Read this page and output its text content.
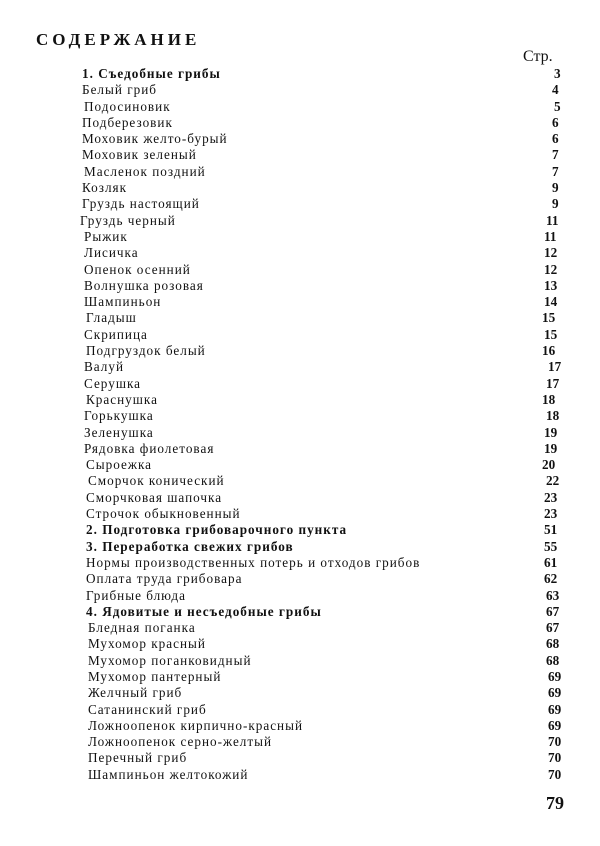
СОДЕРЖАНИЕ
Стр.
1. Съедобные грибы	3
Белый гриб	4
Подосиновик	5
Подберезовик	6
Моховик желто-бурый	6
Моховик зеленый	7
Масленок поздний	7
Козляк	9
Груздь настоящий	9
Груздь черный	11
Рыжик	11
Лисичка	12
Опенок осенний	12
Волнушка розовая	13
Шампиньон	14
Гладыш	15
Скрипица	15
Подгруздок белый	16
Валуй	17
Серушка	17
Краснушка	18
Горькушка	18
Зеленушка	19
Рядовка фиолетовая	19
Сыроежка	20
Сморчок конический	22
Сморчковая шапочка	23
Строчок обыкновенный	23
2. Подготовка грибоварочного пункта	51
3. Переработка свежих грибов	55
Нормы производственных потерь и отходов грибов	61
Оплата труда грибовара	62
Грибные блюда	63
4. Ядовитые и несъедобные грибы	67
Бледная поганка	67
Мухомор красный	68
Мухомор поганковидный	68
Мухомор пантерный	69
Желчный гриб	69
Сатанинский гриб	69
Ложноопенок кирпично-красный	69
Ложноопенок серно-желтый	70
Перечный гриб	70
Шампиньон желтокожий	70
79
